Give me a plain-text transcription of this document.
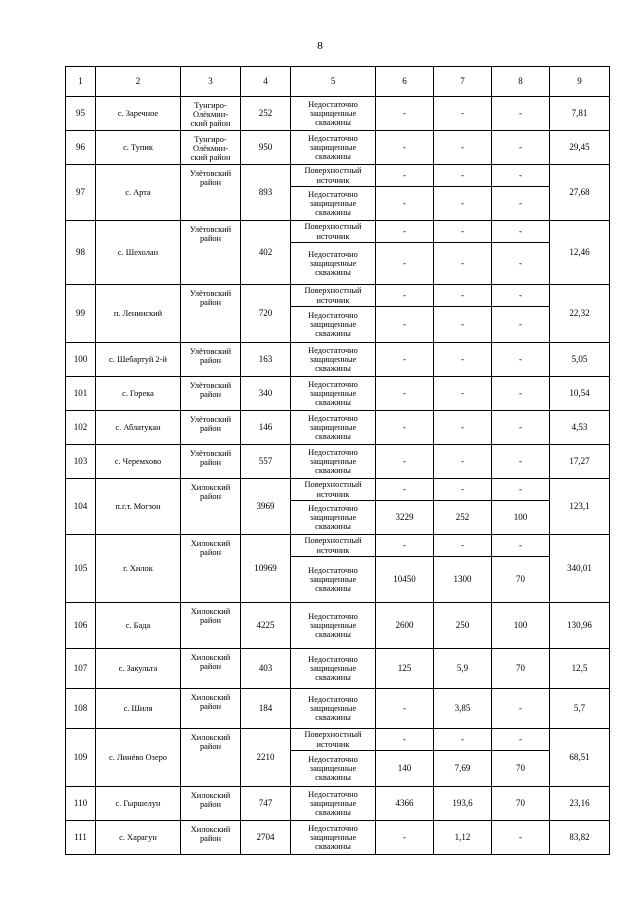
8
1	2	3	4	5	6	7	8	9
95	с. Заречное	Тунгиро-
Олёкмин-
ский район	252	Недостаточно
защищенные
скважины	-	-	-	7,81
96	с. Тупик	Тунгиро-
Олёкмин-
ский район	950	Недостаточно
защищенные
скважины	-	-	-	29,45
97	с. Арта	Улётовский
район	893	Поверхностный
источник	-	-	-	27,68
				Недостаточно
защищенные
скважины	-	-	-	
98	с. Шехолан	Улётовский
район	402	Поверхностный
источник	-	-	-	12,46
				Недостаточно
защищенные
скважины	-	-	-	
99	п. Ленинский	Улётовский
район	720	Поверхностный
источник	-	-	-	22,32
				Недостаточно
защищенные
скважины	-	-	-	
100	с. Шебартуй 2-й	Улётовский
район	163	Недостаточно
защищенные
скважины	-	-	-	5,05
101	с. Горека	Улётовский
район	340	Недостаточно
защищенные
скважины	-	-	-	10,54
102	с. Аблатукан	Улётовский
район	146	Недостаточно
защищенные
скважины	-	-	-	4,53
103	с. Черемхово	Улётовский
район	557	Недостаточно
защищенные
скважины	-	-	-	17,27
104	п.г.т. Могзон	Хилокский
район	3969	Поверхностный
источник	-	-	-	123,1
				Недостаточно
защищенные
скважины	3229	252	100	
105	г. Хилок	Хилокский
район	10969	Поверхностный
источник	-	-	-	340,01
				Недостаточно
защищенные
скважины	10450	1300	70	
106	с. Бада	Хилокский
район	4225	Недостаточно
защищенные
скважины	2600	250	100	130,96
107	с. Закульта	Хилокский
район	403	Недостаточно
защищенные
скважины	125	5,9	70	12,5
108	с. Шиля	Хилокский
район	184	Недостаточно
защищенные
скважины	-	3,85	-	5,7
109	с. Линёво Озеро	Хилокский
район	2210	Поверхностный
источник	-	-	-	68,51
				Недостаточно
защищенные
скважины	140	7,69	70	
110	с. Гыршелун	Хилокский
район	747	Недостаточно
защищенные
скважины	4366	193,6	70	23,16
111	с. Харагун	Хилокский
район	2704	Недостаточно
защищенные
скважины	-	1,12	-	83,82
